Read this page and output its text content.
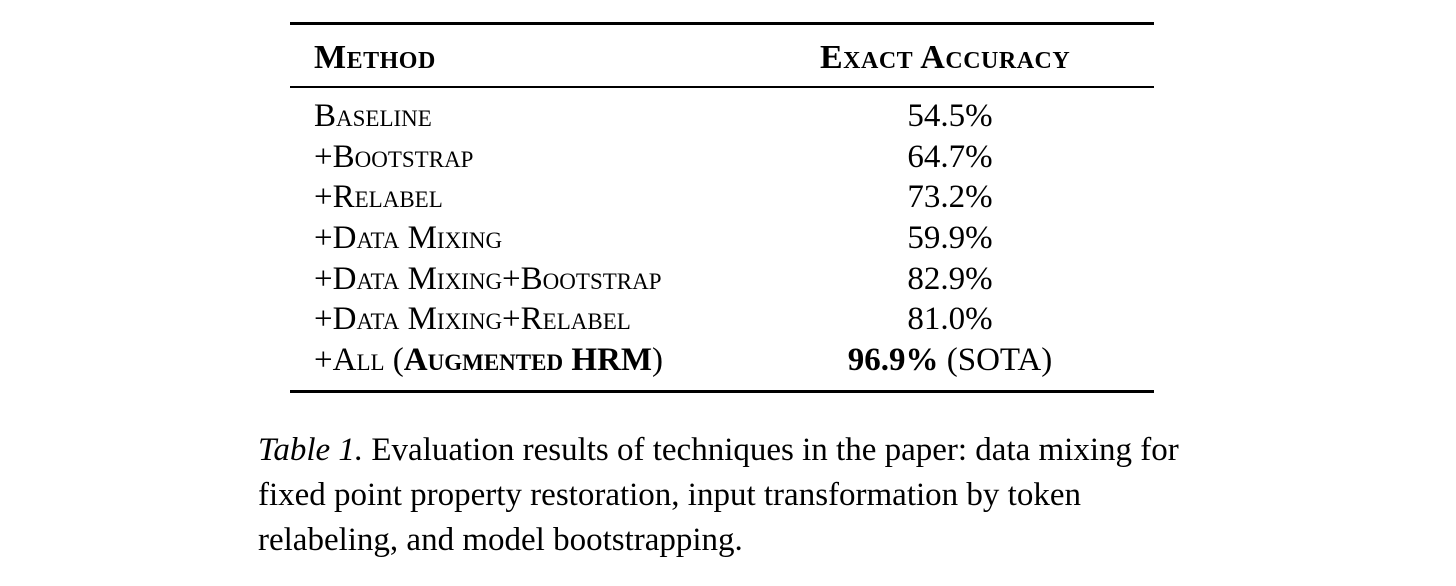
Method	Exact Accuracy
Baseline	54.5%
+Bootstrap	64.7%
+Relabel	73.2%
+Data Mixing	59.9%
+Data Mixing+Bootstrap	82.9%
+Data Mixing+Relabel	81.0%
+All (Augmented HRM)	96.9% (SOTA)
Table 1. Evaluation results of techniques in the paper: data mixing for fixed point property restoration, input transformation by token relabeling, and model bootstrapping.
